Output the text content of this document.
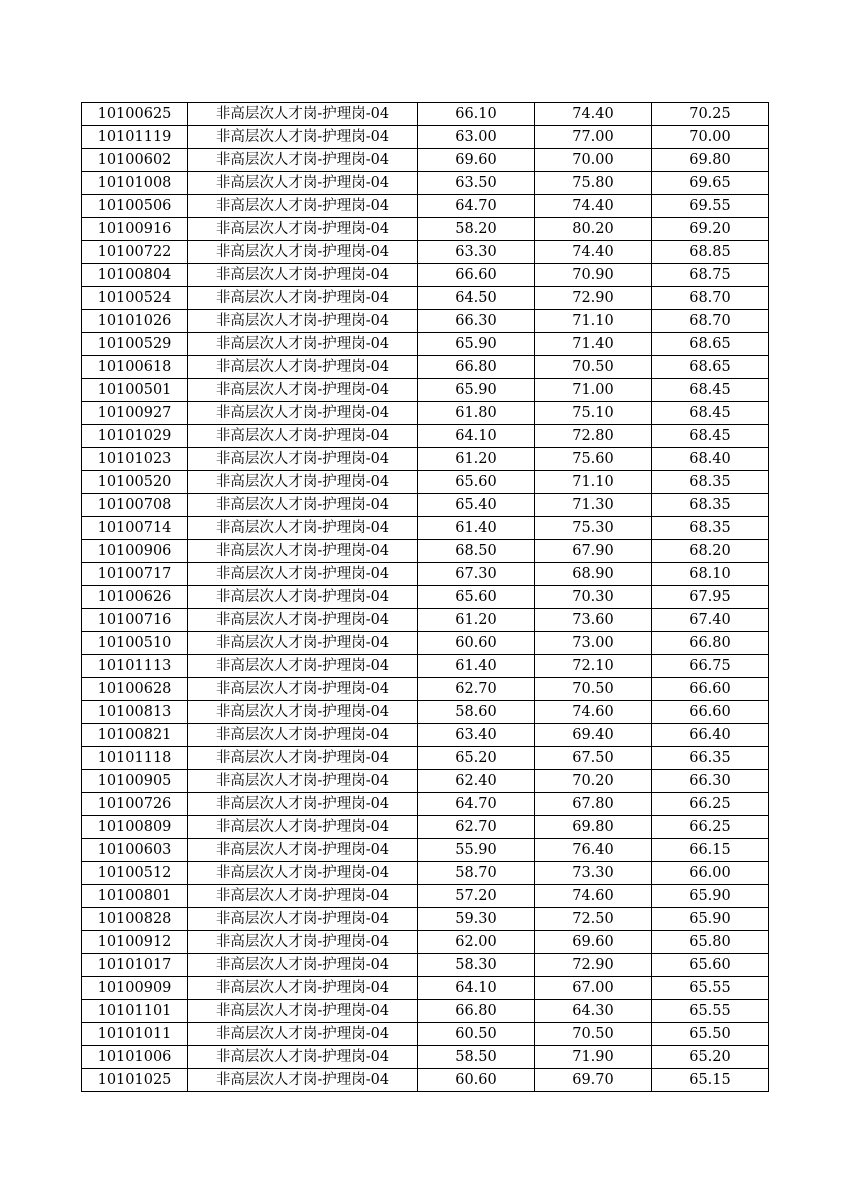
10100625	非高层次人才岗-护理岗-04	66.10	74.40	70.25
10101119	非高层次人才岗-护理岗-04	63.00	77.00	70.00
10100602	非高层次人才岗-护理岗-04	69.60	70.00	69.80
10101008	非高层次人才岗-护理岗-04	63.50	75.80	69.65
10100506	非高层次人才岗-护理岗-04	64.70	74.40	69.55
10100916	非高层次人才岗-护理岗-04	58.20	80.20	69.20
10100722	非高层次人才岗-护理岗-04	63.30	74.40	68.85
10100804	非高层次人才岗-护理岗-04	66.60	70.90	68.75
10100524	非高层次人才岗-护理岗-04	64.50	72.90	68.70
10101026	非高层次人才岗-护理岗-04	66.30	71.10	68.70
10100529	非高层次人才岗-护理岗-04	65.90	71.40	68.65
10100618	非高层次人才岗-护理岗-04	66.80	70.50	68.65
10100501	非高层次人才岗-护理岗-04	65.90	71.00	68.45
10100927	非高层次人才岗-护理岗-04	61.80	75.10	68.45
10101029	非高层次人才岗-护理岗-04	64.10	72.80	68.45
10101023	非高层次人才岗-护理岗-04	61.20	75.60	68.40
10100520	非高层次人才岗-护理岗-04	65.60	71.10	68.35
10100708	非高层次人才岗-护理岗-04	65.40	71.30	68.35
10100714	非高层次人才岗-护理岗-04	61.40	75.30	68.35
10100906	非高层次人才岗-护理岗-04	68.50	67.90	68.20
10100717	非高层次人才岗-护理岗-04	67.30	68.90	68.10
10100626	非高层次人才岗-护理岗-04	65.60	70.30	67.95
10100716	非高层次人才岗-护理岗-04	61.20	73.60	67.40
10100510	非高层次人才岗-护理岗-04	60.60	73.00	66.80
10101113	非高层次人才岗-护理岗-04	61.40	72.10	66.75
10100628	非高层次人才岗-护理岗-04	62.70	70.50	66.60
10100813	非高层次人才岗-护理岗-04	58.60	74.60	66.60
10100821	非高层次人才岗-护理岗-04	63.40	69.40	66.40
10101118	非高层次人才岗-护理岗-04	65.20	67.50	66.35
10100905	非高层次人才岗-护理岗-04	62.40	70.20	66.30
10100726	非高层次人才岗-护理岗-04	64.70	67.80	66.25
10100809	非高层次人才岗-护理岗-04	62.70	69.80	66.25
10100603	非高层次人才岗-护理岗-04	55.90	76.40	66.15
10100512	非高层次人才岗-护理岗-04	58.70	73.30	66.00
10100801	非高层次人才岗-护理岗-04	57.20	74.60	65.90
10100828	非高层次人才岗-护理岗-04	59.30	72.50	65.90
10100912	非高层次人才岗-护理岗-04	62.00	69.60	65.80
10101017	非高层次人才岗-护理岗-04	58.30	72.90	65.60
10100909	非高层次人才岗-护理岗-04	64.10	67.00	65.55
10101101	非高层次人才岗-护理岗-04	66.80	64.30	65.55
10101011	非高层次人才岗-护理岗-04	60.50	70.50	65.50
10101006	非高层次人才岗-护理岗-04	58.50	71.90	65.20
10101025	非高层次人才岗-护理岗-04	60.60	69.70	65.15
